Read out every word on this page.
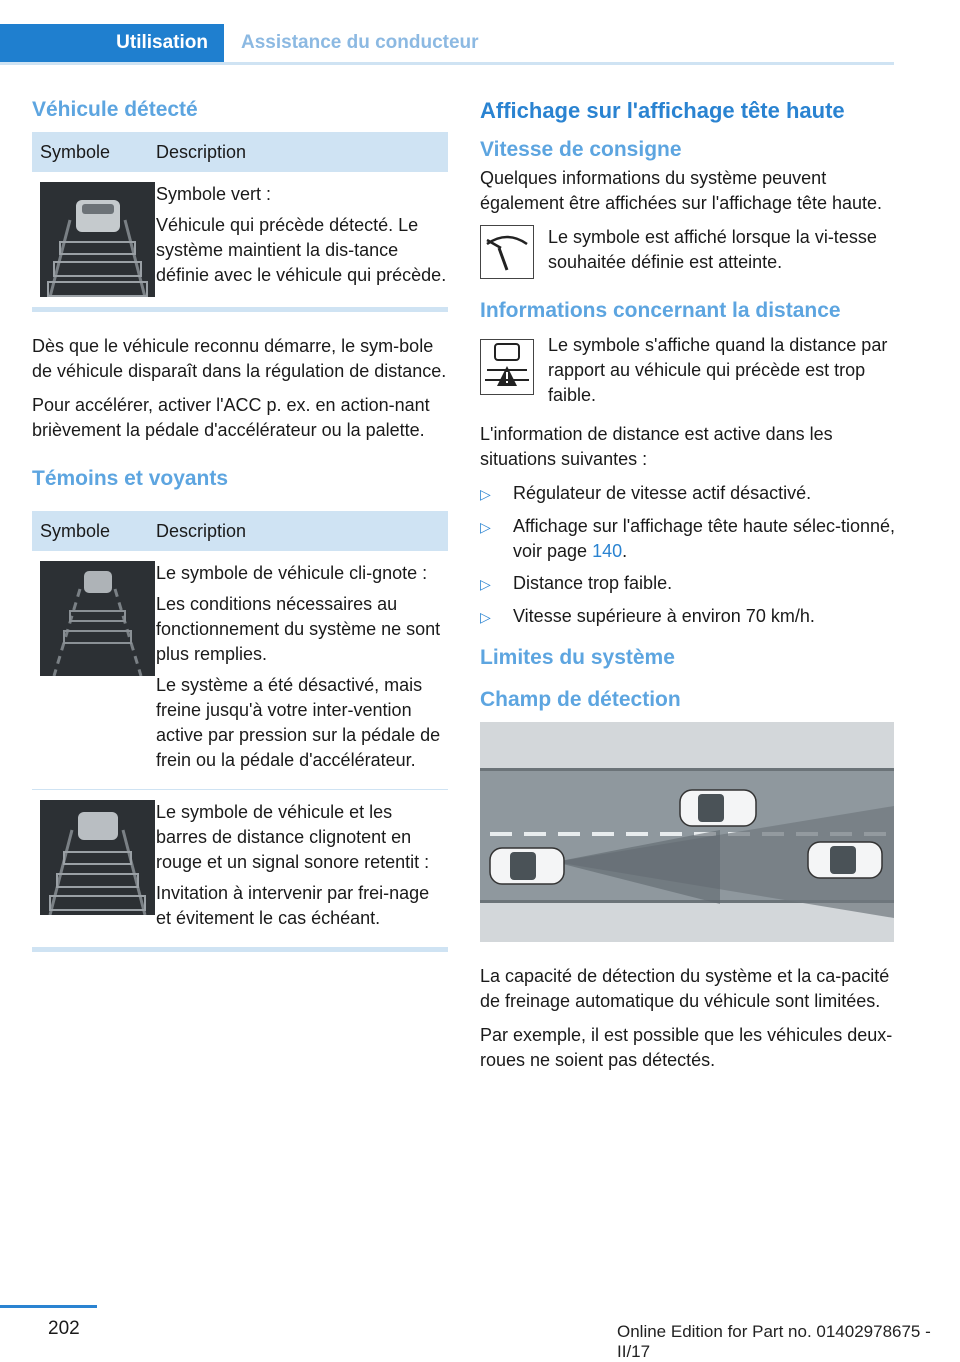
Utilisation	Assistance du conducteur
Véhicule détecté
Symbole	Description

Symbole vert :

Véhicule qui précède détecté. Le système maintient la dis-tance définie avec le véhicule qui précède.

Dès que le véhicule reconnu démarre, le sym-bole de véhicule disparaît dans la régulation de distance.

Pour accélérer, activer l'ACC p. ex. en action-nant brièvement la pédale d'accélérateur ou la palette.

Témoins et voyants
Symbole	Description

Le symbole de véhicule cli-gnote :

Les conditions nécessaires au fonctionnement du système ne sont plus remplies.

Le système a été désactivé, mais freine jusqu'à votre inter-vention active par pression sur la pédale de frein ou la pédale d'accélérateur.

Le symbole de véhicule et les barres de distance clignotent en rouge et un signal sonore retentit :

Invitation à intervenir par frei-nage et évitement le cas échéant.

Affichage sur l'affichage tête haute
Vitesse de consigne

Quelques informations du système peuvent également être affichées sur l'affichage tête haute.

Le symbole est affiché lorsque la vi-tesse souhaitée définie est atteinte.

Informations concernant la distance

Le symbole s'affiche quand la distance par rapport au véhicule qui précède est trop faible.

L'information de distance est active dans les situations suivantes :

▷	Régulateur de vitesse actif désactivé.
▷	Affichage sur l'affichage tête haute sélec-tionné, voir page 140.
▷	Distance trop faible.
▷	Vitesse supérieure à environ 70 km/h.
Limites du système
Champ de détection

La capacité de détection du système et la ca-pacité de freinage automatique du véhicule sont limitées.

Par exemple, il est possible que les véhicules deux-roues ne soient pas détectés.

202	Online Edition for Part no. 01402978675 - II/17
